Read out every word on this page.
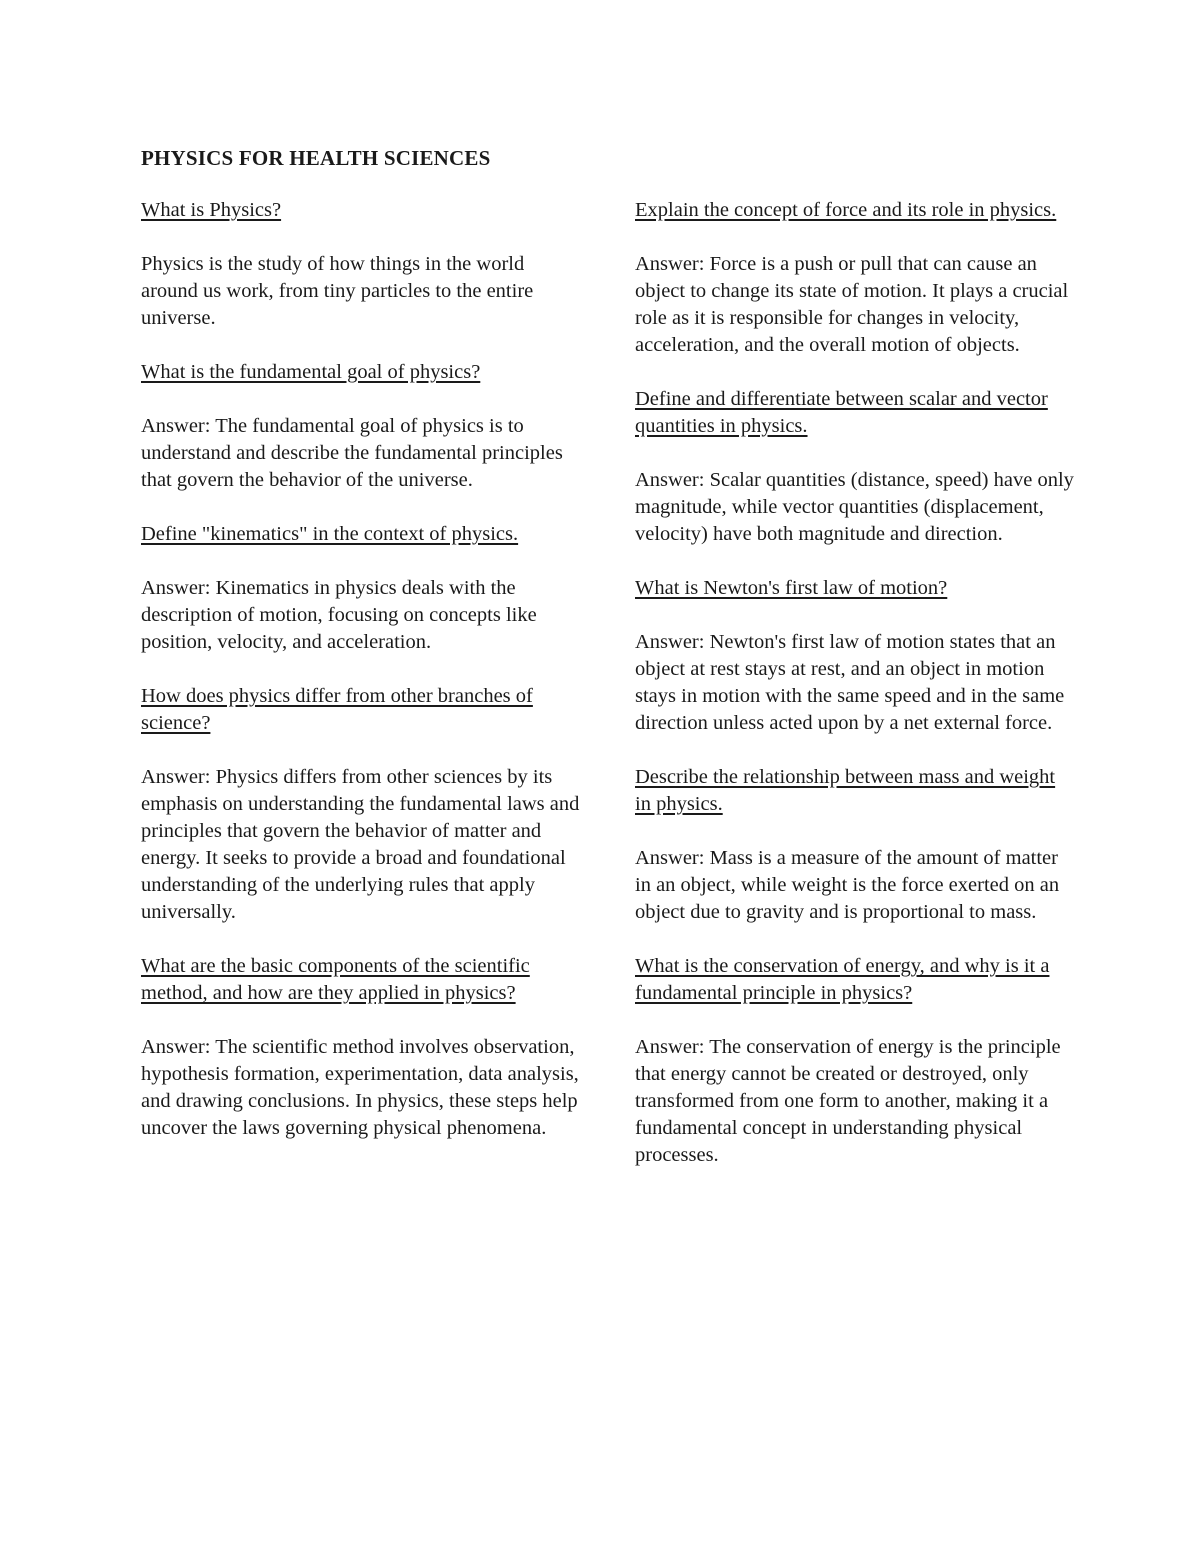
PHYSICS FOR HEALTH SCIENCES

What is Physics?

Physics is the study of how things in the world around us work, from tiny particles to the entire universe.

What is the fundamental goal of physics?

Answer: The fundamental goal of physics is to understand and describe the fundamental principles that govern the behavior of the universe.

Define "kinematics" in the context of physics.

Answer: Kinematics in physics deals with the description of motion, focusing on concepts like position, velocity, and acceleration.

How does physics differ from other branches of science?

Answer: Physics differs from other sciences by its emphasis on understanding the fundamental laws and principles that govern the behavior of matter and energy. It seeks to provide a broad and foundational understanding of the underlying rules that apply universally.

What are the basic components of the scientific method, and how are they applied in physics?

Answer: The scientific method involves observation, hypothesis formation, experimentation, data analysis, and drawing conclusions. In physics, these steps help uncover the laws governing physical phenomena.

Explain the concept of force and its role in physics.

Answer: Force is a push or pull that can cause an object to change its state of motion. It plays a crucial role as it is responsible for changes in velocity, acceleration, and the overall motion of objects.

Define and differentiate between scalar and vector quantities in physics.

Answer: Scalar quantities (distance, speed) have only magnitude, while vector quantities (displacement, velocity) have both magnitude and direction.

What is Newton's first law of motion?

Answer: Newton's first law of motion states that an object at rest stays at rest, and an object in motion stays in motion with the same speed and in the same direction unless acted upon by a net external force.

Describe the relationship between mass and weight in physics.

Answer: Mass is a measure of the amount of matter in an object, while weight is the force exerted on an object due to gravity and is proportional to mass.

What is the conservation of energy, and why is it a fundamental principle in physics?

Answer: The conservation of energy is the principle that energy cannot be created or destroyed, only transformed from one form to another, making it a fundamental concept in understanding physical processes.
